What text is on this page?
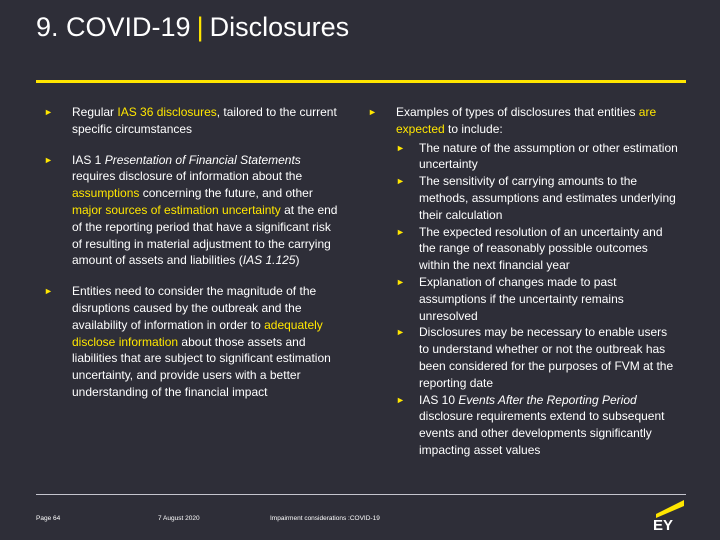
9. COVID-19 | Disclosures
► Regular IAS 36 disclosures, tailored to the current specific circumstances
► IAS 1 Presentation of Financial Statements requires disclosure of information about the assumptions concerning the future, and other major sources of estimation uncertainty at the end of the reporting period that have a significant risk of resulting in material adjustment to the carrying amount of assets and liabilities (IAS 1.125)
► Entities need to consider the magnitude of the disruptions caused by the outbreak and the availability of information in order to adequately disclose information about those assets and liabilities that are subject to significant estimation uncertainty, and provide users with a better understanding of the financial impact
► Examples of types of disclosures that entities are expected to include:
► The nature of the assumption or other estimation uncertainty
► The sensitivity of carrying amounts to the methods, assumptions and estimates underlying their calculation
► The expected resolution of an uncertainty and the range of reasonably possible outcomes within the next financial year
► Explanation of changes made to past assumptions if the uncertainty remains unresolved
► Disclosures may be necessary to enable users to understand whether or not the outbreak has been considered for the purposes of FVM at the reporting date
► IAS 10 Events After the Reporting Period disclosure requirements extend to subsequent events and other developments significantly impacting asset values
Page 64	7 August 2020	Impairment considerations :COVID-19	EY
